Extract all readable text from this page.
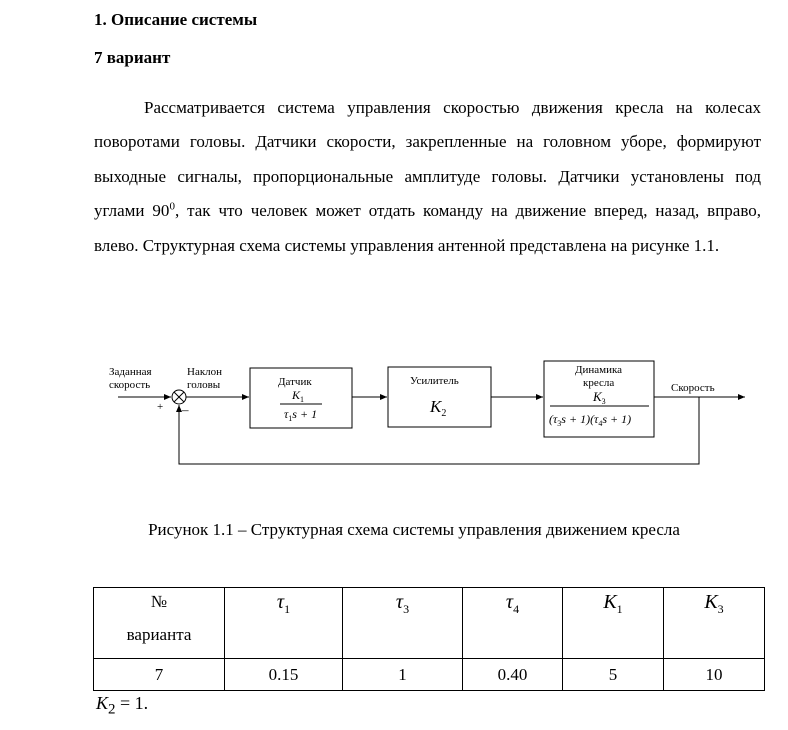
1. Описание системы
7 вариант
Рассматривается система управления скоростью движения кресла на колесах поворотами головы. Датчики скорости, закрепленные на головном уборе, формируют выходные сигналы, пропорциональные амплитуде головы. Датчики установлены под углами $90^0$, так что человек может отдать команду на движение вперед, назад, вправо, влево. Структурная схема системы управления антенной представлена на рисунке 1.1.
Заданная
скорость
+ –
Наклон
головы	Датчик
$K_1$
$\tau_1s + 1$
Усилитель
$K_2$
Динамика
кресла
$K_3$
$(\tau_3s + 1)(\tau_4s + 1)$
Скорость
Рисунок 1.1 – Структурная схема системы управления движением кресла
№
варианта	$\tau_1$	$\tau_3$	$\tau_4$	$K_1$	$K_3$
7	0.15	1	0.40	5	10
$K_2 = 1$.
